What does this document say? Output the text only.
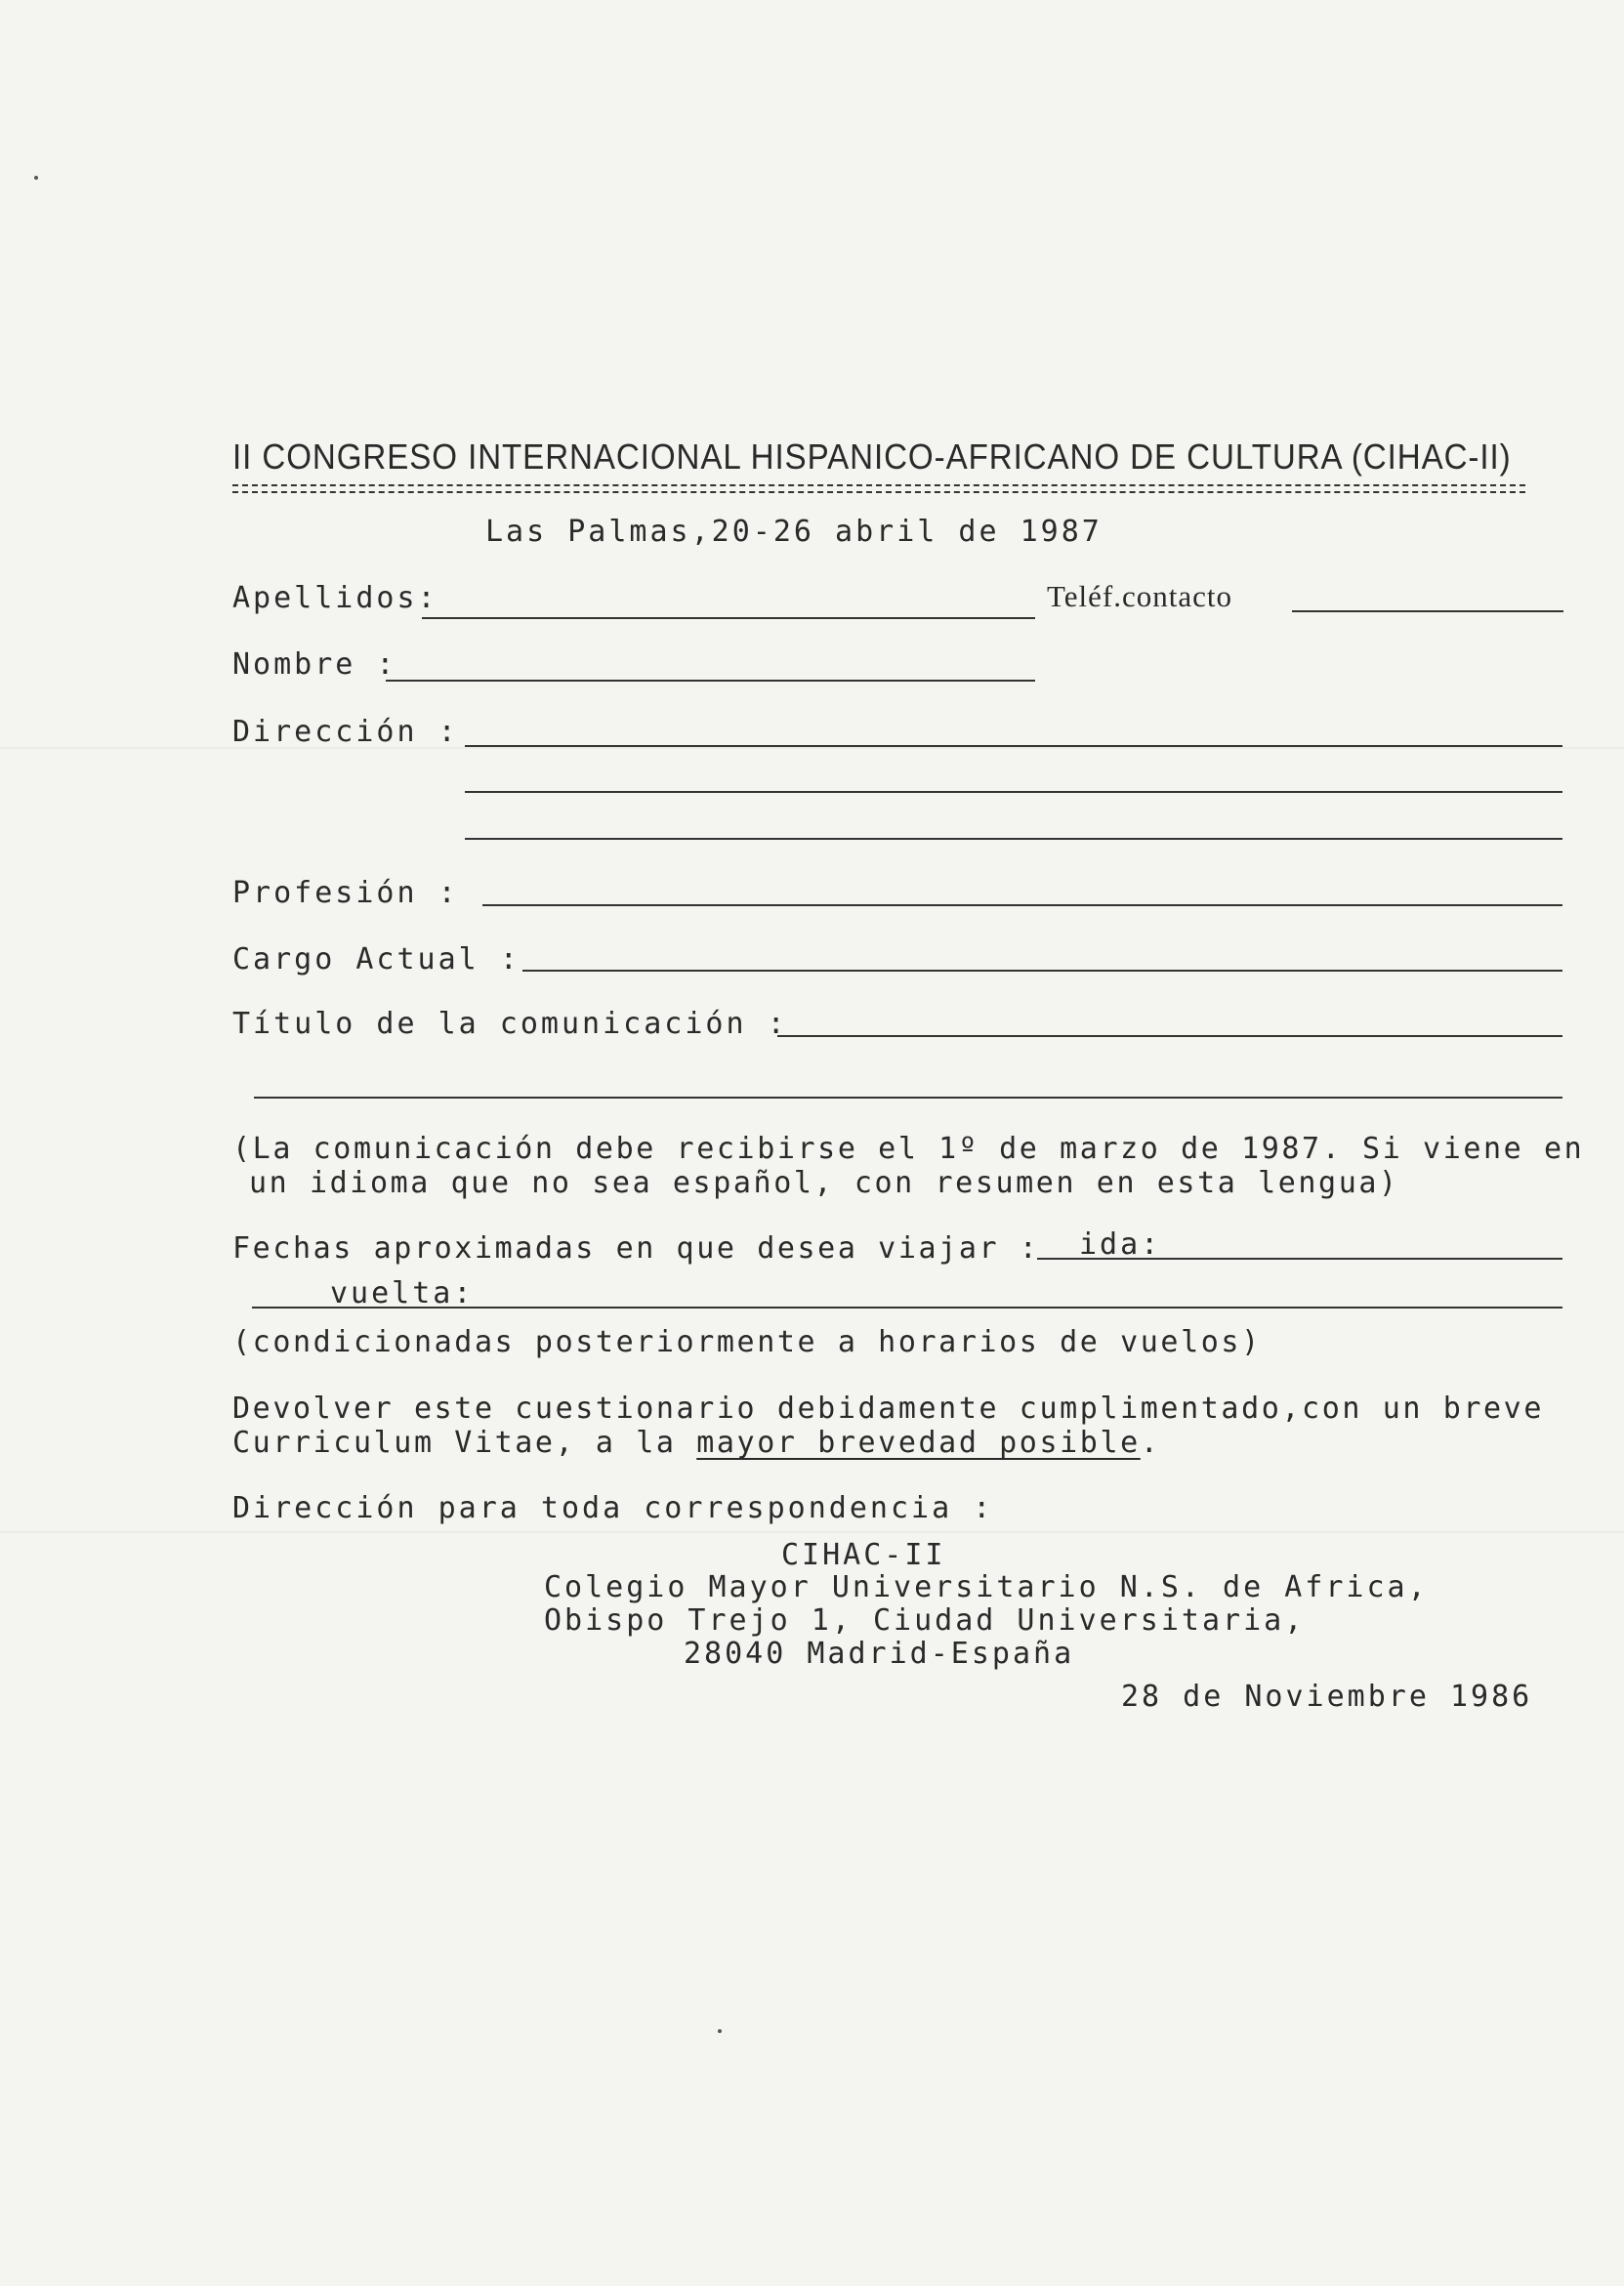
II CONGRESO INTERNACIONAL HISPANICO-AFRICANO DE CULTURA (CIHAC-II)
Las Palmas,20-26 abril de 1987
Apellidos:	Teléf.contacto
Nombre :
Dirección :
Profesión :
Cargo Actual :
Título de la comunicación :
(La comunicación debe recibirse el 1º de marzo de 1987. Si viene en
un idioma que no sea español, con resumen en esta lengua)
Fechas aproximadas en que desea viajar : ida:
vuelta:
(condicionadas posteriormente a horarios de vuelos)
Devolver este cuestionario debidamente cumplimentado,con un breve
Curriculum Vitae, a la mayor brevedad posible.
Dirección para toda correspondencia :
CIHAC-II
Colegio Mayor Universitario N.S. de Africa,
Obispo Trejo 1, Ciudad Universitaria,
28040 Madrid-España
28 de Noviembre 1986
